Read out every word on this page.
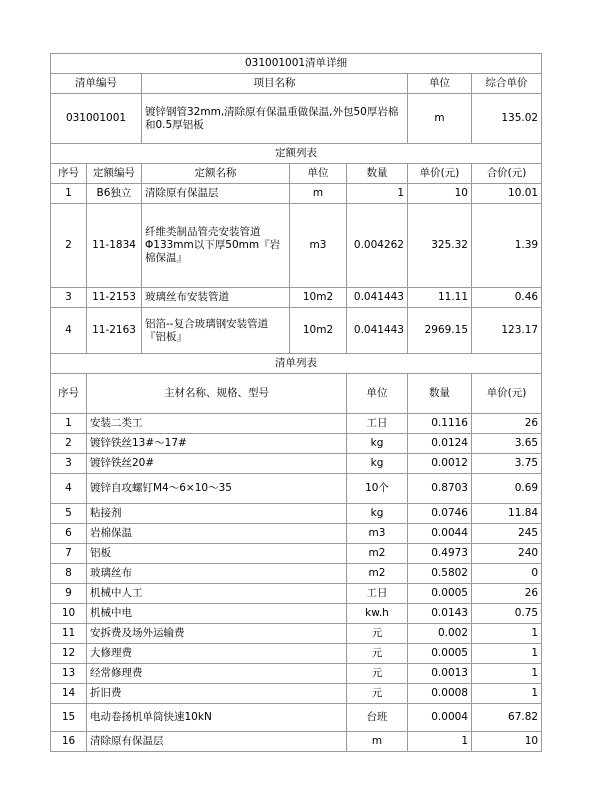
031001001清单详细							
清单编号		项目名称			单位	综合单价	
031001001		镀锌钢管32mm,清除原有保温重做保温,外包50厚岩棉和0.5厚铝板			m	135.02	
定额列表							
序号	定额编号	定额名称	单位	数量	单价(元)	合价(元)	
1	B6独立	清除原有保温层	m	1	10	10.01	
2	11-1834	纤维类制品管壳安装管道Φ133mm以下厚50mm『岩棉保温』	m3	0.004262	325.32	1.39	
3	11-2153	玻璃丝布安装管道	10m2	0.041443	11.11	0.46	
4	11-2163	铝箔--复合玻璃钢安装管道『铝板』	10m2	0.041443	2969.15	123.17	
清单列表							
序号	主材名称、规格、型号			单位	数量	单价(元)	
1	安装二类工			工日	0.1116	26	
2	镀锌铁丝13#～17#			kg	0.0124	3.65	
3	镀锌铁丝20#			kg	0.0012	3.75	
4	镀锌自攻螺钉M4～6×10～35			10个	0.8703	0.69	
5	粘接剂			kg	0.0746	11.84	
6	岩棉保温			m3	0.0044	245	
7	铝板			m2	0.4973	240	
8	玻璃丝布			m2	0.5802	0	
9	机械中人工			工日	0.0005	26	
10	机械中电			kw.h	0.0143	0.75	
11	安拆费及场外运输费			元	0.002	1	
12	大修理费			元	0.0005	1	
13	经常修理费			元	0.0013	1	
14	折旧费			元	0.0008	1	
15	电动卷扬机单筒快速10kN			台班	0.0004	67.82	
16	清除原有保温层			m	1	10	
